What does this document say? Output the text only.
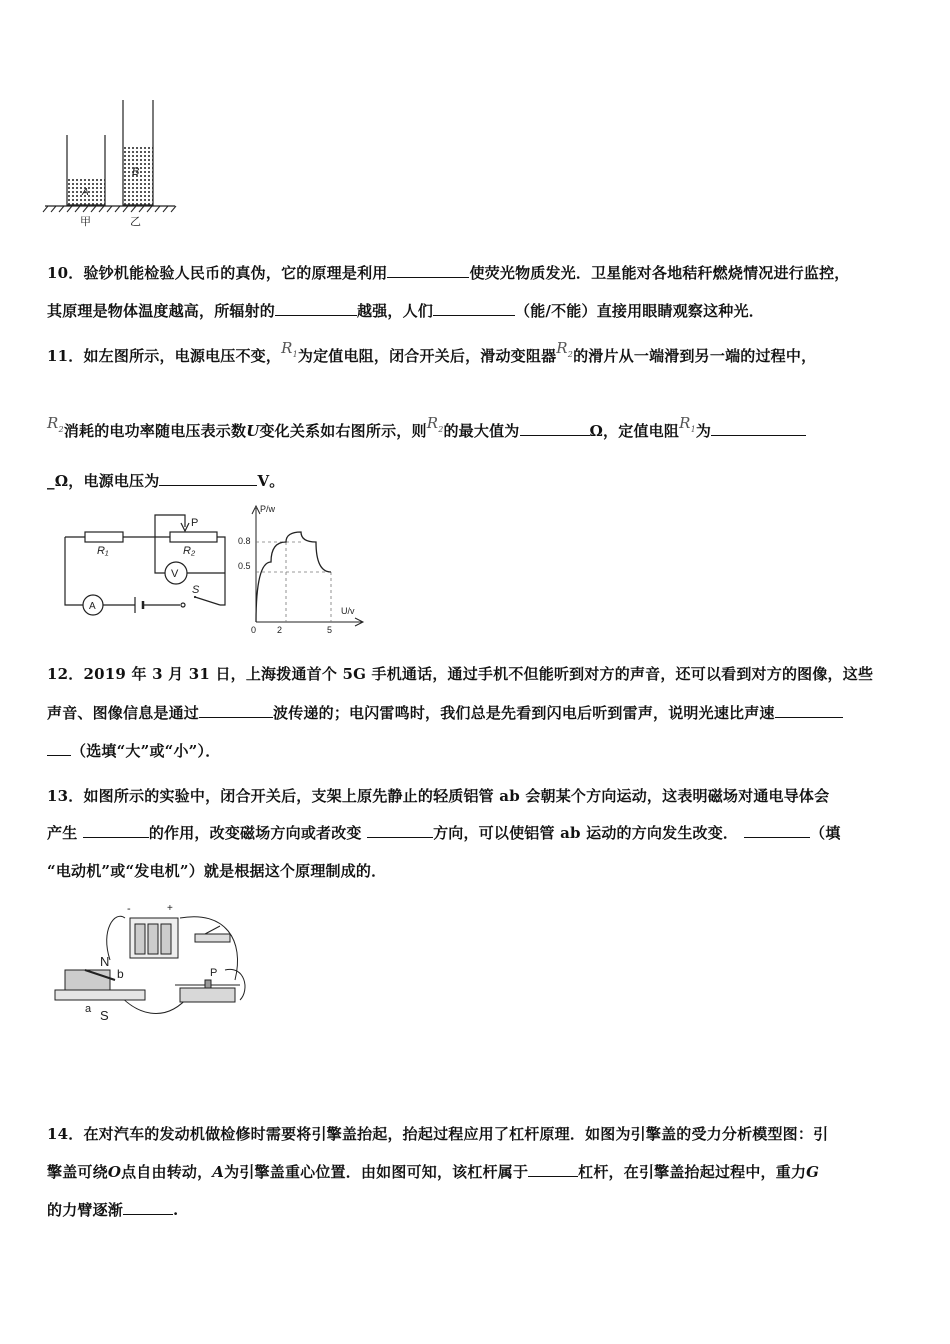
A
B
甲	乙
10．验钞机能检验人民币的真伪，它的原理是利用	使荧光物质发光．卫星能对各地秸秆燃烧情况进行监控，
其原理是物体温度越高，所辐射的	越强，人们	（能/不能）直接用眼睛观察这种光．
11．如左图所示，电源电压不变，$R_1$为定值电阻，闭合开关后，滑动变阻器$R_2$的滑片从一端滑到另一端的过程中，
$R_2$消耗的电功率随电压表示数U变化关系如右图所示，则$R_2$的最大值为	Ω，定值电阻$R_1$为
_Ω，电源电压为	V。
R₁	R₂
P
V
A
S
P/w
U/v
0.8
0.5
0 2	5
12．2019 年 3 月 31 日，上海拨通首个 5G 手机通话，通过手机不但能听到对方的声音，还可以看到对方的图像，这些
声音、图像信息是通过	波传递的；电闪雷鸣时，我们总是先看到闪电后听到雷声，说明光速比声速
（选填“大”或“小”）．
13．如图所示的实验中，闭合开关后，支架上原先静止的轻质铝管 ab 会朝某个方向运动，这表明磁场对通电导体会
产生	的作用，改变磁场方向或者改变	方向，可以使铝管 ab 运动的方向发生改变．	（填
“电动机”或“发电机”）就是根据这个原理制成的．
-	+
N
b
a S
P
14．在对汽车的发动机做检修时需要将引擎盖抬起，抬起过程应用了杠杆原理．如图为引擎盖的受力分析模型图：引
擎盖可绕O点自由转动，A为引擎盖重心位置．由如图可知，该杠杆属于	杠杆，在引擎盖抬起过程中，重力G
的力臂逐渐	.
